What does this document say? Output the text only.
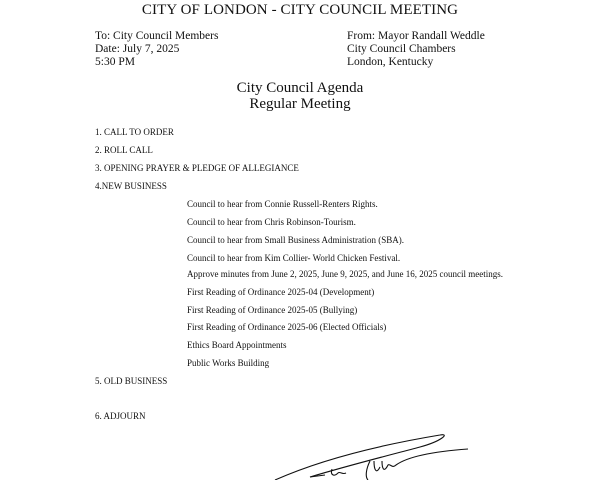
CITY OF LONDON - CITY COUNCIL MEETING
To: City Council Members
Date: July 7, 2025
5:30 PM
From: Mayor Randall Weddle
City Council Chambers
London, Kentucky
City Council Agenda
Regular Meeting
1. CALL TO ORDER
2. ROLL CALL
3. OPENING PRAYER & PLEDGE OF ALLEGIANCE
4.NEW BUSINESS
Council to hear from Connie Russell-Renters Rights.
Council to hear from Chris Robinson-Tourism.
Council to hear from Small Business Administration (SBA).
Council to hear from Kim Collier- World Chicken Festival.
Approve minutes from June 2, 2025, June 9, 2025, and June 16, 2025 council meetings.
First Reading of Ordinance 2025-04 (Development)
First Reading of Ordinance 2025-05 (Bullying)
First Reading of Ordinance 2025-06 (Elected Officials)
Ethics Board Appointments
Public Works Building
5. OLD BUSINESS
6. ADJOURN
